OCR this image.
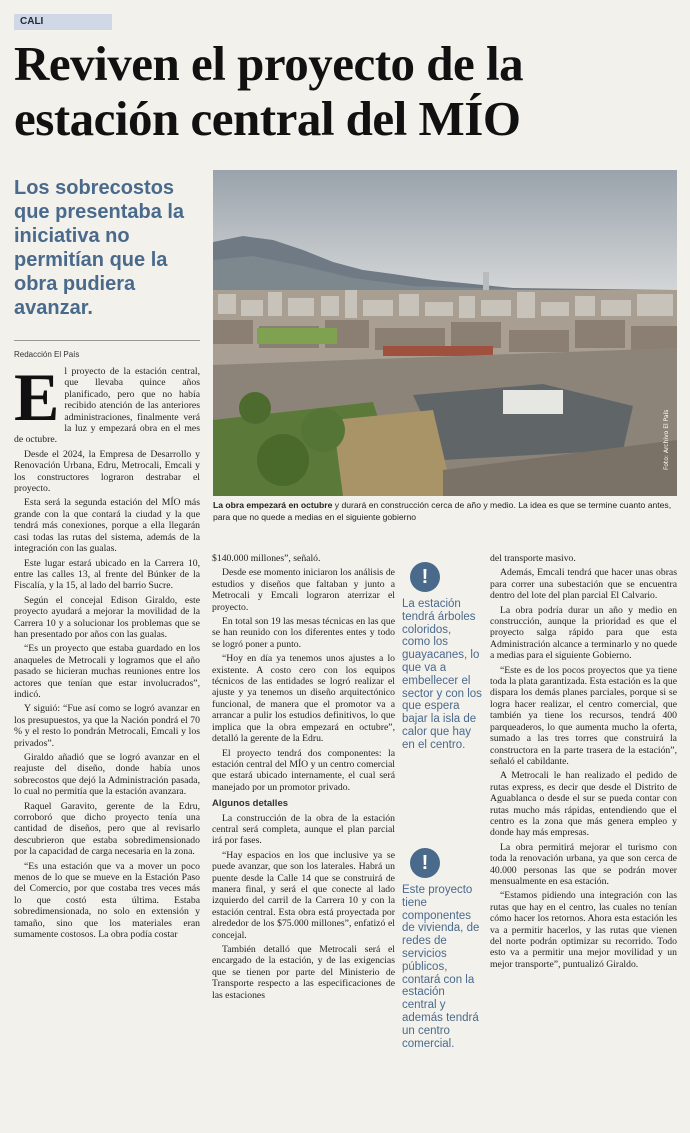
CALI
Reviven el proyecto de la estación central del MÍO
Los sobrecostos que presentaba la iniciativa no permitían que la obra pudiera avanzar.
Redacción El País
Foto: Archivo El País
La obra empezará en octubre y durará en construcción cerca de año y medio. La idea es que se termine cuanto antes, para que no quede a medias en el siguiente gobierno
E l proyecto de la estación central, que llevaba quince años planificado, pero que no había recibido atención de las anteriores administraciones, finalmente verá la luz y empezará obra en el mes de octubre.

Desde el 2024, la Empresa de Desarrollo y Renovación Urbana, Edru, Metrocali, Emcali y los constructores lograron destrabar el proyecto.

Esta será la segunda estación del MÍO más grande con la que contará la ciudad y la que tendrá más conexiones, porque a ella llegarán casi todas las rutas del sistema, además de la integración con las gualas.

Este lugar estará ubicado en la Carrera 10, entre las calles 13, al frente del Búnker de la Fiscalía, y la 15, al lado del barrio Sucre.

Según el concejal Edison Giraldo, este proyecto ayudará a mejorar la movilidad de la Carrera 10 y a solucionar los problemas que se han presentado por años con las gualas.

“Es un proyecto que estaba guardado en los anaqueles de Metrocali y logramos que el año pasado se hicieran muchas reuniones entre los actores que tenían que estar involucrados”, indicó.

Y siguió: “Fue así como se logró avanzar en los presupuestos, ya que la Nación pondrá el 70 % y el resto lo pondrán Metrocali, Emcali y los privados”.

Giraldo añadió que se logró avanzar en el reajuste del diseño, donde había unos sobrecostos que dejó la Administración pasada, lo cual no permitía que la estación avanzara.

Raquel Garavito, gerente de la Edru, corroboró que dicho proyecto tenía una cantidad de diseños, pero que al revisarlo descubrieron que estaba sobredimensionado por la capacidad de carga necesaria en la zona.

“Es una estación que va a mover un poco menos de lo que se mueve en la Estación Paso del Comercio, por que costaba tres veces más lo que costó esta última. Estaba sobredimensionada, no solo en extensión y tamaño, sino que los materiales eran sumamente costosos. La obra podía costar

$140.000 millones”, señaló.

Desde ese momento iniciaron los análisis de estudios y diseños que faltaban y junto a Metrocali y Emcali lograron aterrizar el proyecto.

En total son 19 las mesas técnicas en las que se han reunido con los diferentes entes y todo se logró poner a punto.

“Hoy en día ya tenemos unos ajustes a lo existente. A costo cero con los equipos técnicos de las entidades se logró realizar el ajuste y ya tenemos un diseño arquitectónico funcional, de manera que el promotor va a arrancar a pulir los estudios definitivos, lo que implica que la obra empezará en octubre”, detalló la gerente de la Edru.

El proyecto tendrá dos componentes: la estación central del MÍO y un centro comercial que estará ubicado internamente, el cual será manejado por un promotor privado.

Algunos detalles

La construcción de la obra de la estación central será completa, aunque el plan parcial irá por fases.

“Hay espacios en los que inclusive ya se puede avanzar, que son los laterales. Habrá un puente desde la Calle 14 que se construirá de manera final, y será el que conecte al lado izquierdo del carril de la Carrera 10 y con la estación central. Esta obra está proyectada por alrededor de los $75.000 millones”, enfatizó el concejal.

También detalló que Metrocali será el encargado de la estación, y de las exigencias que se tienen por parte del Ministerio de Transporte respecto a las especificaciones de las estaciones

!
La estación tendrá árboles coloridos, como los guayacanes, lo que va a embellecer el sector y con los que espera bajar la isla de calor que hay en el centro.
!
Este proyecto tiene componentes de vivienda, de redes de servicios públicos, contará con la estación central y además tendrá un centro comercial.

del transporte masivo.

Además, Emcali tendrá que hacer unas obras para correr una subestación que se encuentra dentro del lote del plan parcial El Calvario.

La obra podría durar un año y medio en construcción, aunque la prioridad es que el proyecto salga rápido para que esta Administración alcance a terminarlo y no quede a medias para el siguiente Gobierno.

“Este es de los pocos proyectos que ya tiene toda la plata garantizada. Esta estación es la que dispara los demás planes parciales, porque si se logra hacer realizar, el centro comercial, que también ya tiene los recursos, tendrá 400 parqueaderos, lo que aumenta mucho la oferta, sumado a las tres torres que construirá la constructora en la parte trasera de la estación”, señaló el cabildante.

A Metrocali le han realizado el pedido de rutas express, es decir que desde el Distrito de Aguablanca o desde el sur se pueda contar con rutas mucho más rápidas, entendiendo que el centro es la zona que más genera empleo y donde hay más empresas.

La obra permitirá mejorar el turismo con toda la renovación urbana, ya que son cerca de 40.000 personas las que se podrán mover mensualmente en esa estación.

“Estamos pidiendo una integración con las rutas que hay en el centro, las cuales no tenían cómo hacer los retornos. Ahora esta estación les va a permitir hacerlos, y las rutas que vienen del norte podrán optimizar su recorrido. Todo esto va a permitir una mejor movilidad y un mejor transporte”, puntualizó Giraldo.
